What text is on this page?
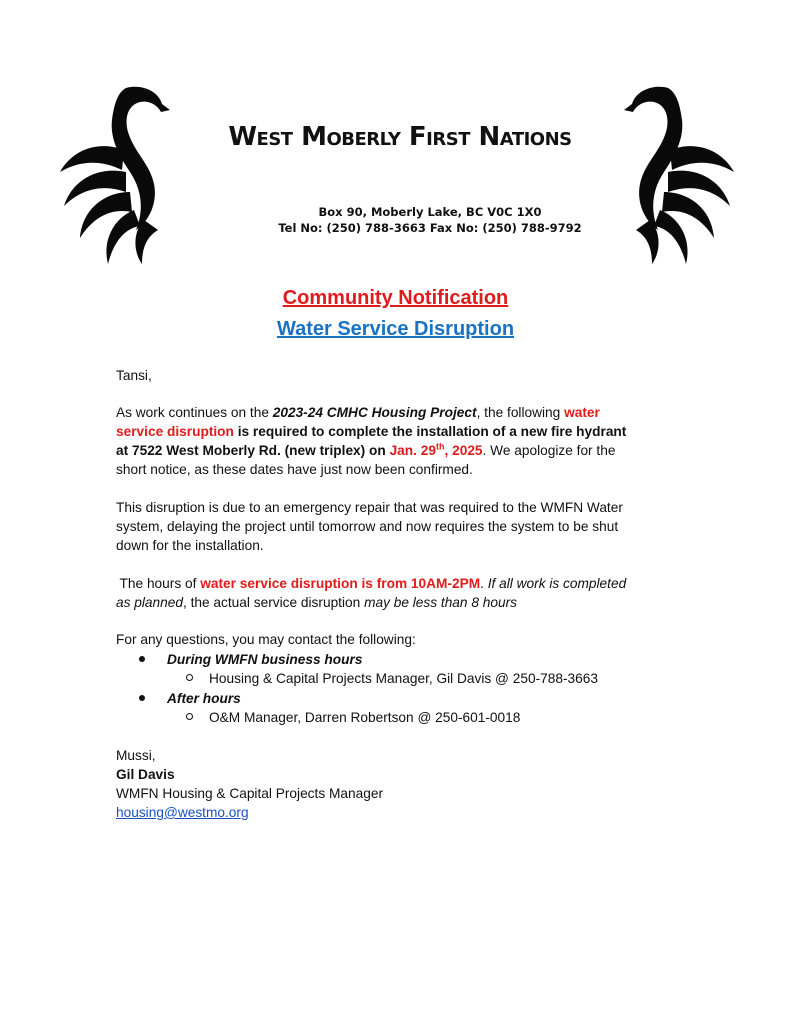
West Moberly First Nations
Box 90, Moberly Lake, BC V0C 1X0
Tel No: (250) 788-3663 Fax No: (250) 788-9792
Community Notification
Water Service Disruption
Tansi,

As work continues on the 2023-24 CMHC Housing Project, the following water

service disruption is required to complete the installation of a new fire hydrant

at 7522 West Moberly Rd. (new triplex) on Jan. 29th, 2025. We apologize for the

short notice, as these dates have just now been confirmed.

This disruption is due to an emergency repair that was required to the WMFN Water

system, delaying the project until tomorrow and now requires the system to be shut

down for the installation.

The hours of water service disruption is from 10AM-2PM. If all work is completed

as planned, the actual service disruption may be less than 8 hours

For any questions, you may contact the following:
During WMFN business hours
Housing & Capital Projects Manager, Gil Davis @ 250-788-3663
After hours
O&M Manager, Darren Robertson @ 250-601-0018
Mussi,
Gil Davis
WMFN Housing & Capital Projects Manager
housing@westmo.org
